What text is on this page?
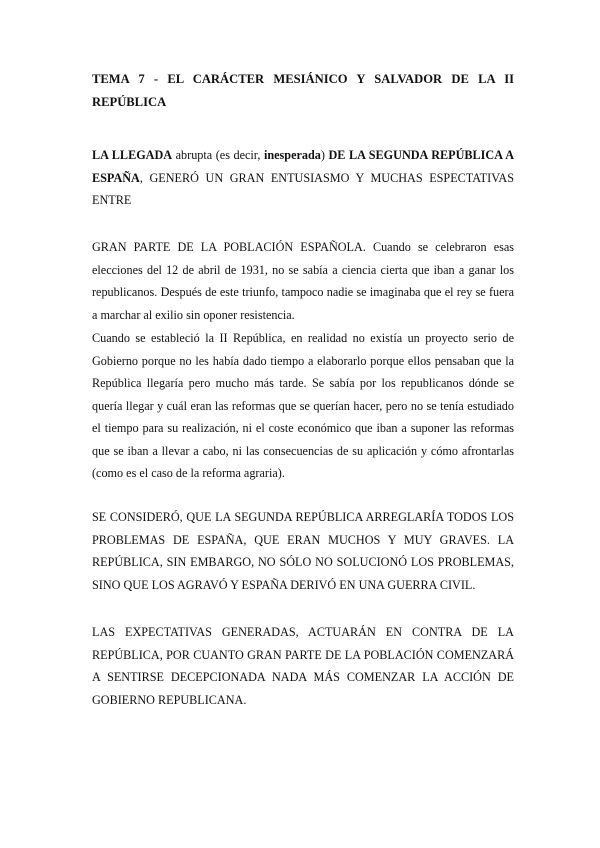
TEMA 7 - EL CARÁCTER MESIÁNICO Y SALVADOR DE LA II
REPÚBLICA
LA LLEGADA abrupta (es decir, inesperada) DE LA SEGUNDA REPÚBLICA A
ESPAÑA, GENERÓ UN GRAN ENTUSIASMO Y MUCHAS ESPECTATIVAS
ENTRE
GRAN PARTE DE LA POBLACIÓN ESPAÑOLA. Cuando se celebraron esas
elecciones del 12 de abril de 1931, no se sabía a ciencia cierta que iban a ganar los
republicanos. Después de este triunfo, tampoco nadie se imaginaba que el rey se fuera
a marchar al exilio sin oponer resistencia.
Cuando se estableció la II República, en realidad no existía un proyecto serio de
Gobierno porque no les había dado tiempo a elaborarlo porque ellos pensaban que la
República llegaría pero mucho más tarde. Se sabía por los republicanos dónde se
quería llegar y cuál eran las reformas que se querían hacer, pero no se tenía estudiado
el tiempo para su realización, ni el coste económico que iban a suponer las reformas
que se iban a llevar a cabo, ni las consecuencias de su aplicación y cómo afrontarlas
(como es el caso de la reforma agraria).
SE CONSIDERÓ, QUE LA SEGUNDA REPÚBLICA ARREGLARÍA TODOS LOS
PROBLEMAS DE ESPAÑA, QUE ERAN MUCHOS Y MUY GRAVES. LA
REPÚBLICA, SIN EMBARGO, NO SÓLO NO SOLUCIONÓ LOS PROBLEMAS,
SINO QUE LOS AGRAVÓ Y ESPAÑA DERIVÓ EN UNA GUERRA CIVIL.
LAS EXPECTATIVAS GENERADAS, ACTUARÁN EN CONTRA DE LA
REPÚBLICA, POR CUANTO GRAN PARTE DE LA POBLACIÓN COMENZARÁ
A SENTIRSE DECEPCIONADA NADA MÁS COMENZAR LA ACCIÓN DE
GOBIERNO REPUBLICANA.
